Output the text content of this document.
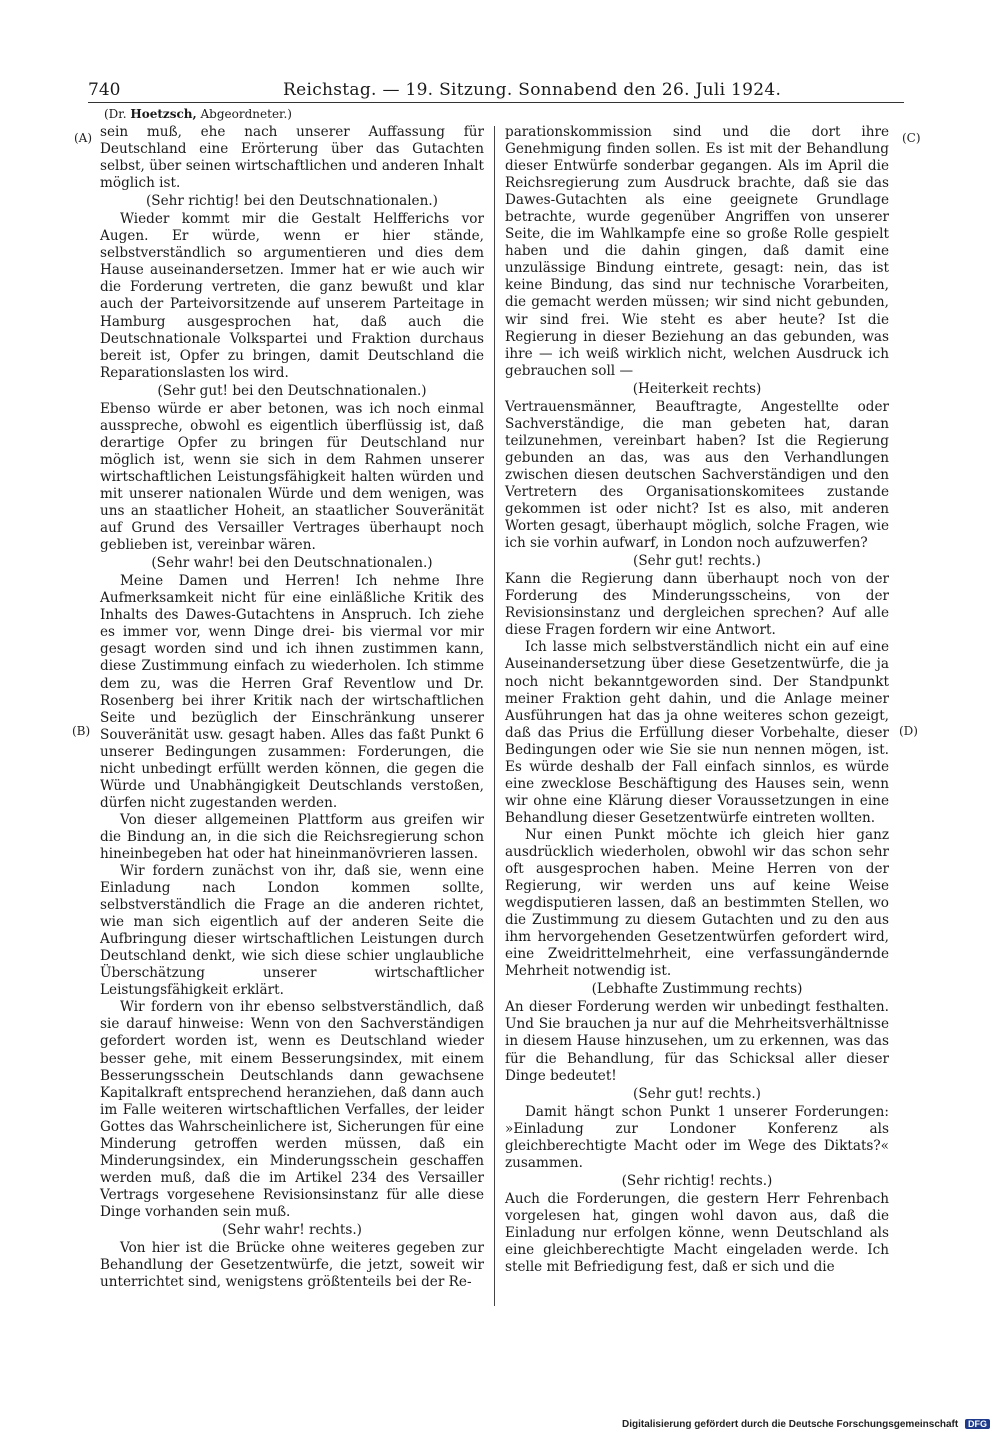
740	Reichstag. — 19. Sitzung. Sonnabend den 26. Juli 1924.
(Dr. Hoetzsch, Abgeordneter.)
(A)
(B)
(C)
(D)

sein muß, ehe nach unserer Auffassung für Deutschland eine Erörterung über das Gutachten selbst, über seinen wirtschaftlichen und anderen Inhalt möglich ist.

(Sehr richtig! bei den Deutschnationalen.)

Wieder kommt mir die Gestalt Helfferichs vor Augen. Er würde, wenn er hier stände, selbstverständlich so argumentieren und dies dem Hause auseinandersetzen. Immer hat er wie auch wir die Forderung vertreten, die ganz bewußt und klar auch der Parteivorsitzende auf unserem Parteitage in Hamburg ausgesprochen hat, daß auch die Deutschnationale Volkspartei und Fraktion durchaus bereit ist, Opfer zu bringen, damit Deutschland die Reparationslasten los wird.

(Sehr gut! bei den Deutschnationalen.)

Ebenso würde er aber betonen, was ich noch einmal ausspreche, obwohl es eigentlich überflüssig ist, daß derartige Opfer zu bringen für Deutschland nur möglich ist, wenn sie sich in dem Rahmen unserer wirtschaftlichen Leistungsfähigkeit halten würden und mit unserer nationalen Würde und dem wenigen, was uns an staatlicher Hoheit, an staatlicher Souveränität auf Grund des Versailler Vertrages überhaupt noch geblieben ist, vereinbar wären.

(Sehr wahr! bei den Deutschnationalen.)

Meine Damen und Herren! Ich nehme Ihre Aufmerksamkeit nicht für eine einläßliche Kritik des Inhalts des Dawes-Gutachtens in Anspruch. Ich ziehe es immer vor, wenn Dinge drei- bis viermal vor mir gesagt worden sind und ich ihnen zustimmen kann, diese Zustimmung einfach zu wiederholen. Ich stimme dem zu, was die Herren Graf Reventlow und Dr. Rosenberg bei ihrer Kritik nach der wirtschaftlichen Seite und bezüglich der Einschränkung unserer Souveränität usw. gesagt haben. Alles das faßt Punkt 6 unserer Bedingungen zusammen: Forderungen, die nicht unbedingt erfüllt werden können, die gegen die Würde und Unabhängigkeit Deutschlands verstoßen, dürfen nicht zugestanden werden.

Von dieser allgemeinen Plattform aus greifen wir die Bindung an, in die sich die Reichsregierung schon hineinbegeben hat oder hat hineinmanövrieren lassen.

Wir fordern zunächst von ihr, daß sie, wenn eine Einladung nach London kommen sollte, selbstverständlich die Frage an die anderen richtet, wie man sich eigentlich auf der anderen Seite die Aufbringung dieser wirtschaftlichen Leistungen durch Deutschland denkt, wie sich diese schier unglaubliche Überschätzung unserer wirtschaftlicher Leistungsfähigkeit erklärt.

Wir fordern von ihr ebenso selbstverständlich, daß sie darauf hinweise: Wenn von den Sachverständigen gefordert worden ist, wenn es Deutschland wieder besser gehe, mit einem Besserungsindex, mit einem Besserungsschein Deutschlands dann gewachsene Kapitalkraft entsprechend heranziehen, daß dann auch im Falle weiteren wirtschaftlichen Verfalles, der leider Gottes das Wahrscheinlichere ist, Sicherungen für eine Minderung getroffen werden müssen, daß ein Minderungsindex, ein Minderungsschein geschaffen werden muß, daß die im Artikel 234 des Versailler Vertrags vorgesehene Revisionsinstanz für alle diese Dinge vorhanden sein muß.

(Sehr wahr! rechts.)

Von hier ist die Brücke ohne weiteres gegeben zur Behandlung der Gesetzentwürfe, die jetzt, soweit wir unterrichtet sind, wenigstens größtenteils bei der Re-

parationskommission sind und die dort ihre Genehmigung finden sollen. Es ist mit der Behandlung dieser Entwürfe sonderbar gegangen. Als im April die Reichsregierung zum Ausdruck brachte, daß sie das Dawes-Gutachten als eine geeignete Grundlage betrachte, wurde gegenüber Angriffen von unserer Seite, die im Wahlkampfe eine so große Rolle gespielt haben und die dahin gingen, daß damit eine unzulässige Bindung eintrete, gesagt: nein, das ist keine Bindung, das sind nur technische Vorarbeiten, die gemacht werden müssen; wir sind nicht gebunden, wir sind frei. Wie steht es aber heute? Ist die Regierung in dieser Beziehung an das gebunden, was ihre — ich weiß wirklich nicht, welchen Ausdruck ich gebrauchen soll —

(Heiterkeit rechts)

Vertrauensmänner, Beauftragte, Angestellte oder Sachverständige, die man gebeten hat, daran teilzunehmen, vereinbart haben? Ist die Regierung gebunden an das, was aus den Verhandlungen zwischen diesen deutschen Sachverständigen und den Vertretern des Organisationskomitees zustande gekommen ist oder nicht? Ist es also, mit anderen Worten gesagt, überhaupt möglich, solche Fragen, wie ich sie vorhin aufwarf, in London noch aufzuwerfen?

(Sehr gut! rechts.)

Kann die Regierung dann überhaupt noch von der Forderung des Minderungsscheins, von der Revisionsinstanz und dergleichen sprechen? Auf alle diese Fragen fordern wir eine Antwort.

Ich lasse mich selbstverständlich nicht ein auf eine Auseinandersetzung über diese Gesetzentwürfe, die ja noch nicht bekanntgeworden sind. Der Standpunkt meiner Fraktion geht dahin, und die Anlage meiner Ausführungen hat das ja ohne weiteres schon gezeigt, daß das Prius die Erfüllung dieser Vorbehalte, dieser Bedingungen oder wie Sie sie nun nennen mögen, ist. Es würde deshalb der Fall einfach sinnlos, es würde eine zwecklose Beschäftigung des Hauses sein, wenn wir ohne eine Klärung dieser Voraussetzungen in eine Behandlung dieser Gesetzentwürfe eintreten wollten.

Nur einen Punkt möchte ich gleich hier ganz ausdrücklich wiederholen, obwohl wir das schon sehr oft ausgesprochen haben. Meine Herren von der Regierung, wir werden uns auf keine Weise wegdisputieren lassen, daß an bestimmten Stellen, wo die Zustimmung zu diesem Gutachten und zu den aus ihm hervorgehenden Gesetzentwürfen gefordert wird, eine Zweidrittelmehrheit, eine verfassungändernde Mehrheit notwendig ist.

(Lebhafte Zustimmung rechts)

An dieser Forderung werden wir unbedingt festhalten. Und Sie brauchen ja nur auf die Mehrheitsverhältnisse in diesem Hause hinzusehen, um zu erkennen, was das für die Behandlung, für das Schicksal aller dieser Dinge bedeutet!

(Sehr gut! rechts.)

Damit hängt schon Punkt 1 unserer Forderungen: »Einladung zur Londoner Konferenz als gleichberechtigte Macht oder im Wege des Diktats?« zusammen.

(Sehr richtig! rechts.)

Auch die Forderungen, die gestern Herr Fehrenbach vorgelesen hat, gingen wohl davon aus, daß die Einladung nur erfolgen könne, wenn Deutschland als eine gleichberechtigte Macht eingeladen werde. Ich stelle mit Befriedigung fest, daß er sich und die

Digitalisierung gefördert durch die Deutsche Forschungsgemeinschaft DFG
